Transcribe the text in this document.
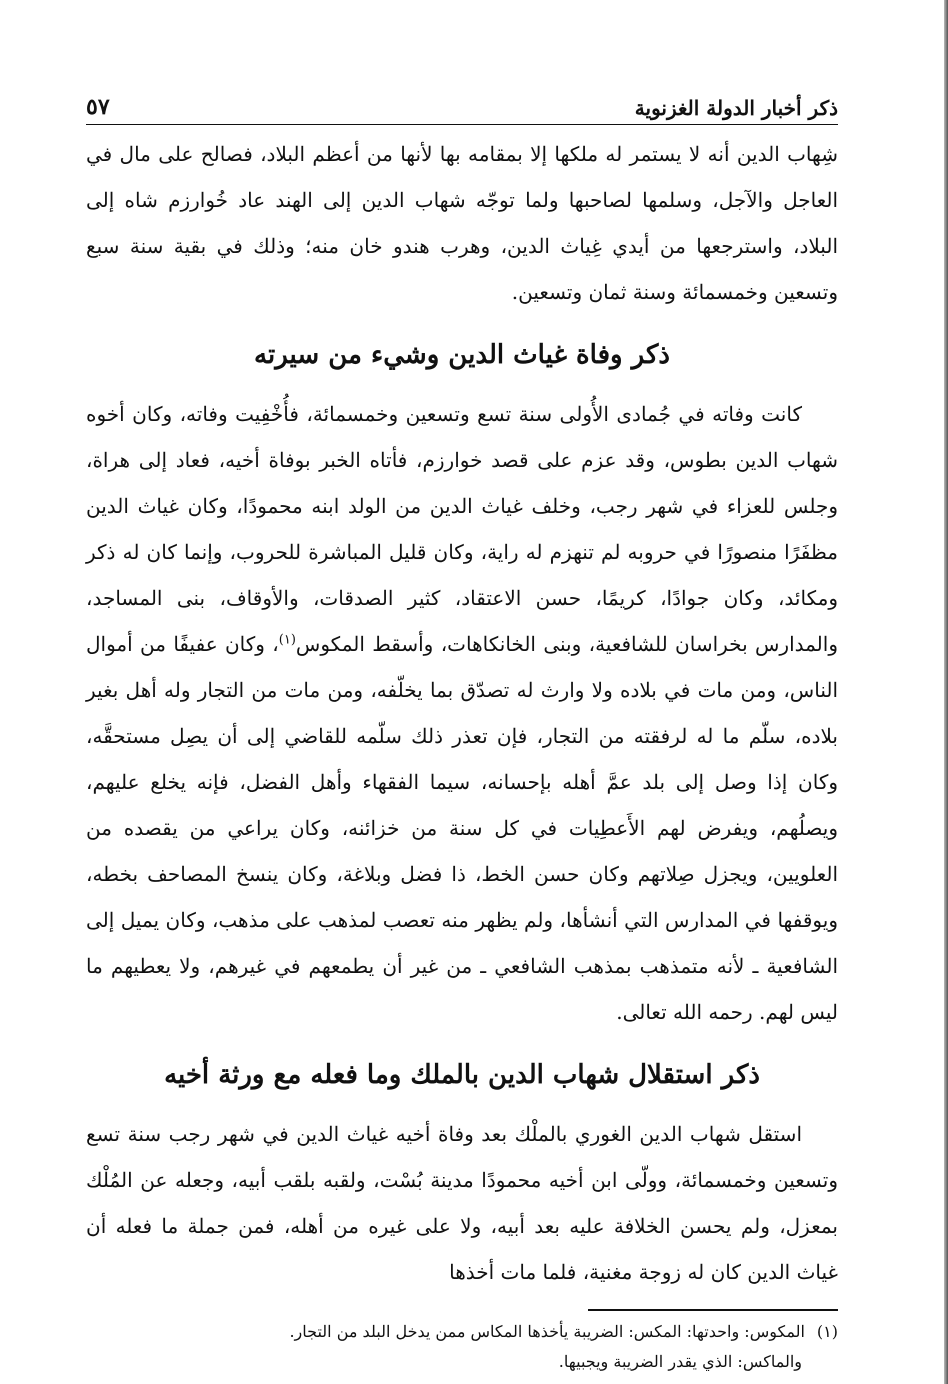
ذكر أخبار الدولة الغزنوية
٥٧

شِهاب الدين أنه لا يستمر له ملكها إلا بمقامه بها لأنها من أعظم البلاد، فصالح على مال في العاجل والآجل، وسلمها لصاحبها ولما توجّه شهاب الدين إلى الهند عاد خُوارزم شاه إلى البلاد، واسترجعها من أيدي غِياث الدين، وهرب هندو خان منه؛ وذلك في بقية سنة سبع وتسعين وخمسمائة وسنة ثمان وتسعين.

ذكر وفاة غياث الدين وشيء من سيرته

كانت وفاته في جُمادى الأُولى سنة تسع وتسعين وخمسمائة، فأُخْفِيت وفاته، وكان أخوه شهاب الدين بطوس، وقد عزم على قصد خوارزم، فأتاه الخبر بوفاة أخيه، فعاد إلى هراة، وجلس للعزاء في شهر رجب، وخلف غياث الدين من الولد ابنه محمودًا، وكان غياث الدين مظفَرًا منصورًا في حروبه لم تنهزم له راية، وكان قليل المباشرة للحروب، وإنما كان له ذكر ومكائد، وكان جوادًا، كريمًا، حسن الاعتقاد، كثير الصدقات، والأوقاف، بنى المساجد، والمدارس بخراسان للشافعية، وبنى الخانكاهات، وأسقط المكوس$^{(١)}$، وكان عفيفًا من أموال الناس، ومن مات في بلاده ولا وارث له تصدّق بما يخلّفه، ومن مات من التجار وله أهل بغير بلاده، سلّم ما له لرفقته من التجار، فإن تعذر ذلك سلّمه للقاضي إلى أن يصِل مستحقَّه، وكان إذا وصل إلى بلد عمَّ أهله بإحسانه، سيما الفقهاء وأهل الفضل، فإنه يخلع عليهم، ويصلُهم، ويفرض لهم الأَعطِيات في كل سنة من خزائنه، وكان يراعي من يقصده من العلويين، ويجزل صِلاتهم وكان حسن الخط، ذا فضل وبلاغة، وكان ينسخ المصاحف بخطه، ويوقفها في المدارس التي أنشأها، ولم يظهر منه تعصب لمذهب على مذهب، وكان يميل إلى الشافعية ـ لأنه متمذهب بمذهب الشافعي ـ من غير أن يطمعهم في غيرهم، ولا يعطيهم ما ليس لهم. رحمه الله تعالى.

ذكر استقلال شهاب الدين بالملك وما فعله مع ورثة أخيه

استقل شهاب الدين الغوري بالملْك بعد وفاة أخيه غياث الدين في شهر رجب سنة تسع وتسعين وخمسمائة، وولّى ابن أخيه محمودًا مدينة بُسْت، ولقبه بلقب أبيه، وجعله عن المُلْك بمعزل، ولم يحسن الخلافة عليه بعد أبيه، ولا على غيره من أهله، فمن جملة ما فعله أن غياث الدين كان له زوجة مغنية، فلما مات أخذها

(١)المكوس: واحدتها: المكس: الضريبة يأخذها المكاس ممن يدخل البلد من التجار.

والماكس: الذي يقدر الضريبة ويجبيها.
